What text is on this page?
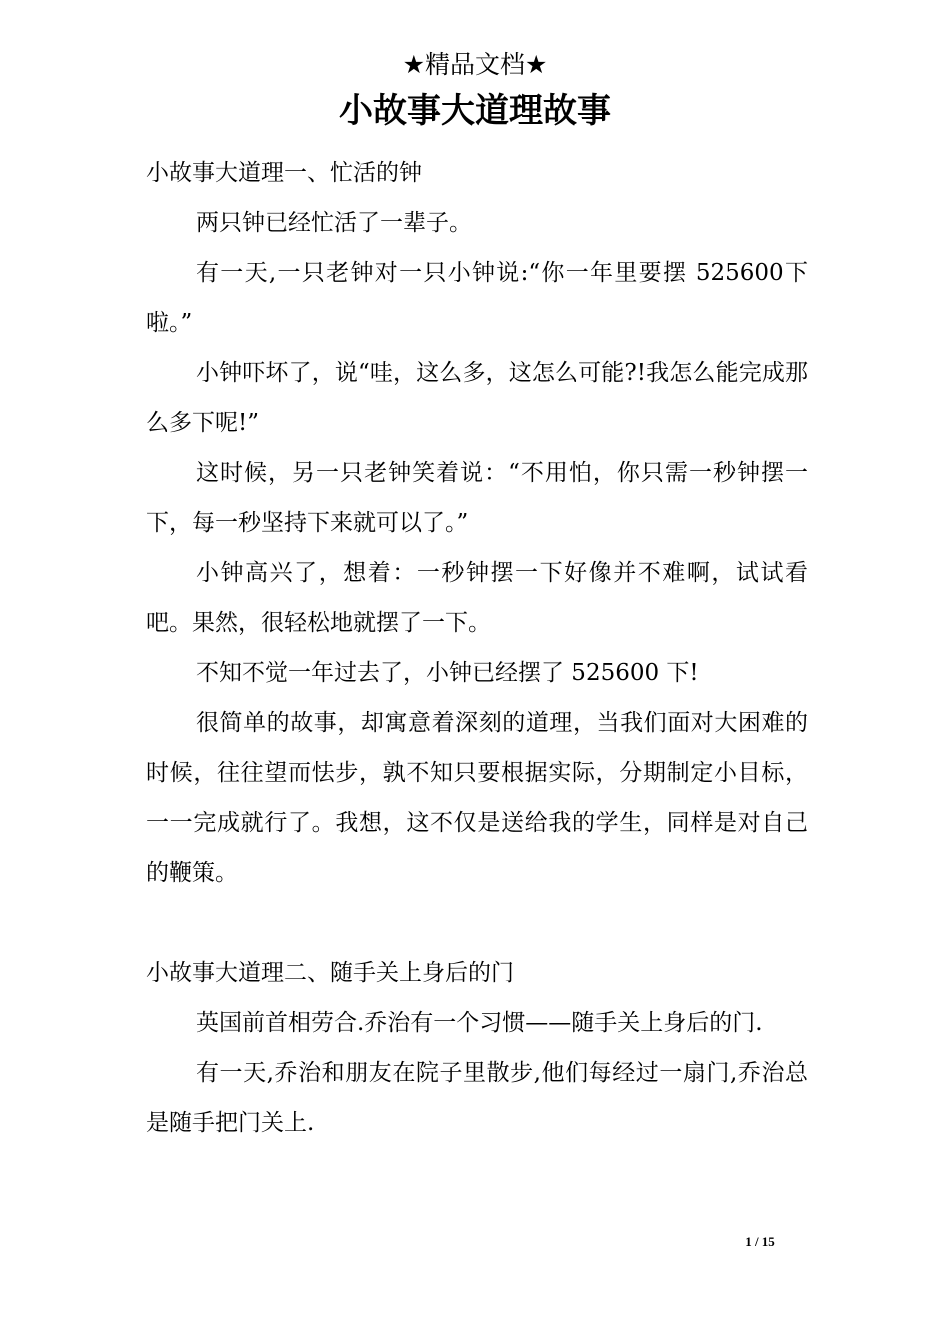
★精品文档★
小故事大道理故事

小故事大道理一、忙活的钟

两只钟已经忙活了一辈子。

有一天,一只老钟对一只小钟说:“你一年里要摆 525600下啦。”

小钟吓坏了，说“哇，这么多，这怎么可能?!我怎么能完成那么多下呢!”

这时候，另一只老钟笑着说：“不用怕，你只需一秒钟摆一下，每一秒坚持下来就可以了。”

小钟高兴了，想着：一秒钟摆一下好像并不难啊，试试看吧。果然，很轻松地就摆了一下。

不知不觉一年过去了，小钟已经摆了 525600 下!

很简单的故事，却寓意着深刻的道理，当我们面对大困难的时候，往往望而怯步，孰不知只要根据实际，分期制定小目标，一一完成就行了。我想，这不仅是送给我的学生，同样是对自己的鞭策。

小故事大道理二、随手关上身后的门

英国前首相劳合.乔治有一个习惯——随手关上身后的门.

有一天,乔治和朋友在院子里散步,他们每经过一扇门,乔治总是随手把门关上.

1 / 15
